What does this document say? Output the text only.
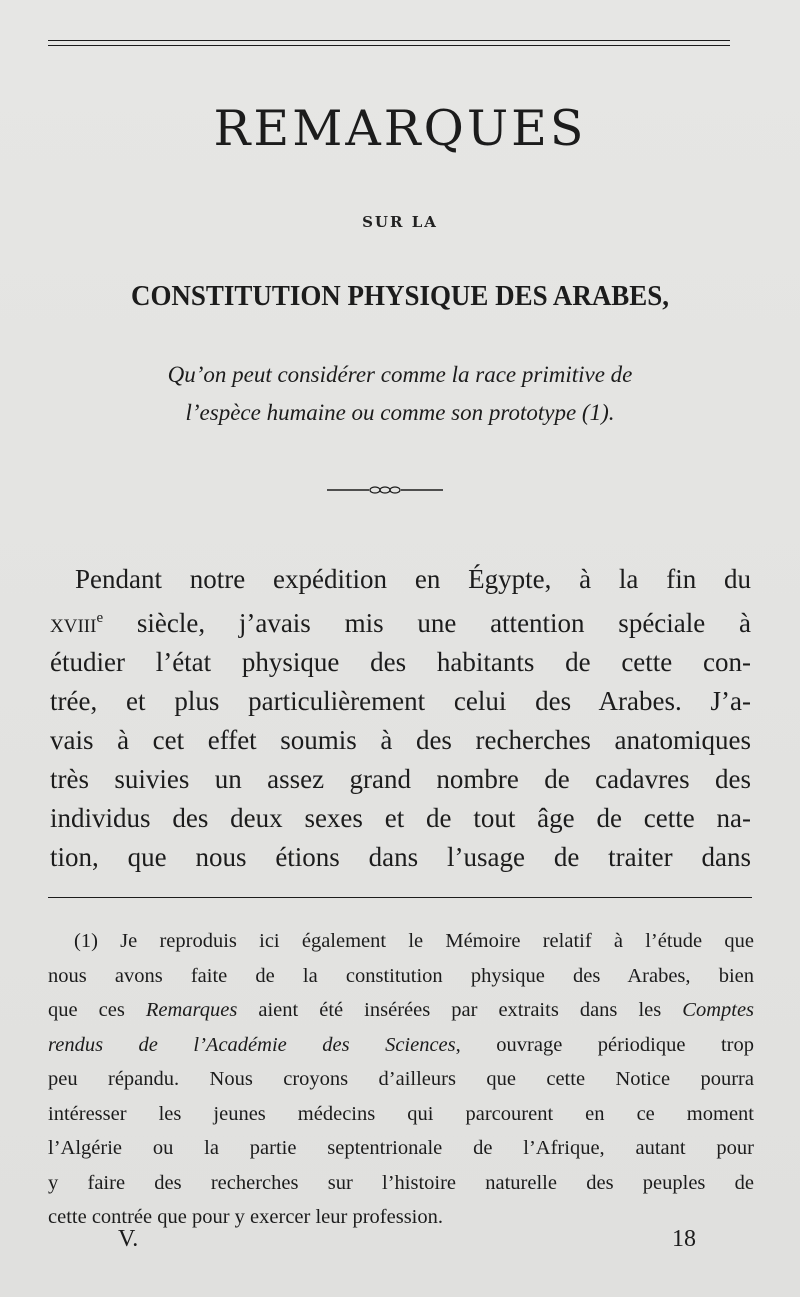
REMARQUES
SUR LA
CONSTITUTION PHYSIQUE DES ARABES,
Qu’on peut considérer comme la race primitive de
l’espèce humaine ou comme son prototype (1).
Pendant notre expédition en Égypte, à la fin du
xviii$^e$ siècle, j’avais mis une attention spéciale à
étudier l’état physique des habitants de cette con-
trée, et plus particulièrement celui des Arabes. J’a-
vais à cet effet soumis à des recherches anatomiques
très suivies un assez grand nombre de cadavres des
individus des deux sexes et de tout âge de cette na-
tion, que nous étions dans l’usage de traiter dans
(1) Je reproduis ici également le Mémoire relatif à l’étude que
nous avons faite de la constitution physique des Arabes, bien
que ces Remarques aient été insérées par extraits dans les Comptes
rendus de l’Académie des Sciences, ouvrage périodique trop
peu répandu. Nous croyons d’ailleurs que cette Notice pourra
intéresser les jeunes médecins qui parcourent en ce moment
l’Algérie ou la partie septentrionale de l’Afrique, autant pour
y faire des recherches sur l’histoire naturelle des peuples de
cette contrée que pour y exercer leur profession.
V.	18
